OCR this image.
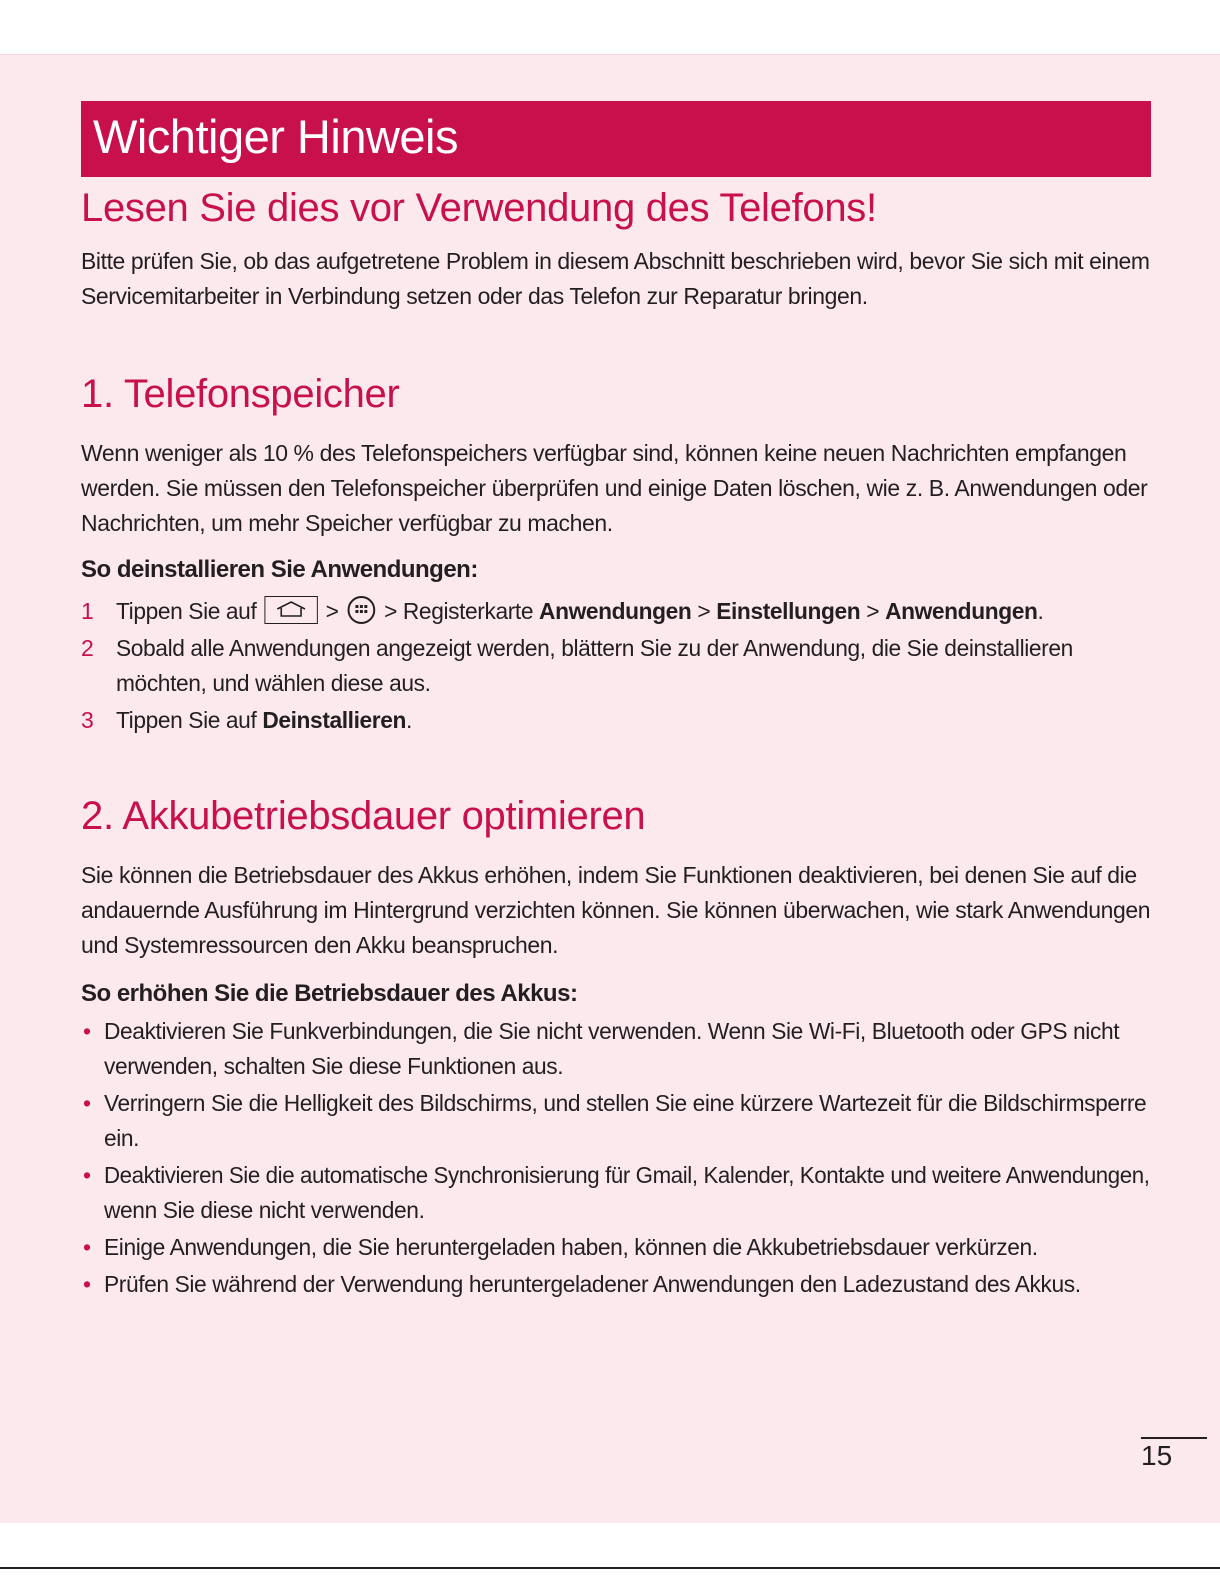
Wichtiger Hinweis
Lesen Sie dies vor Verwendung des Telefons!

Bitte prüfen Sie, ob das aufgetretene Problem in diesem Abschnitt beschrieben wird, bevor Sie sich mit einem

Servicemitarbeiter in Verbindung setzen oder das Telefon zur Reparatur bringen.

1. Telefonspeicher

Wenn weniger als 10 % des Telefonspeichers verfügbar sind, können keine neuen Nachrichten empfangen

werden. Sie müssen den Telefonspeicher überprüfen und einige Daten löschen, wie z. B. Anwendungen oder

Nachrichten, um mehr Speicher verfügbar zu machen.

So deinstallieren Sie Anwendungen:
1 Tippen Sie auf	> > Registerkarte Anwendungen > Einstellungen > Anwendungen.
2 Sobald alle Anwendungen angezeigt werden, blättern Sie zu der Anwendung, die Sie deinstallieren
möchten, und wählen diese aus.
3 Tippen Sie auf Deinstallieren.
2. Akkubetriebsdauer optimieren

Sie können die Betriebsdauer des Akkus erhöhen, indem Sie Funktionen deaktivieren, bei denen Sie auf die

andauernde Ausführung im Hintergrund verzichten können. Sie können überwachen, wie stark Anwendungen

und Systemressourcen den Akku beanspruchen.

So erhöhen Sie die Betriebsdauer des Akkus:
• Deaktivieren Sie Funkverbindungen, die Sie nicht verwenden. Wenn Sie Wi-Fi, Bluetooth oder GPS nicht
verwenden, schalten Sie diese Funktionen aus.
• Verringern Sie die Helligkeit des Bildschirms, und stellen Sie eine kürzere Wartezeit für die Bildschirmsperre
ein.
• Deaktivieren Sie die automatische Synchronisierung für Gmail, Kalender, Kontakte und weitere Anwendungen,
wenn Sie diese nicht verwenden.
• Einige Anwendungen, die Sie heruntergeladen haben, können die Akkubetriebsdauer verkürzen.
• Prüfen Sie während der Verwendung heruntergeladener Anwendungen den Ladezustand des Akkus.
15
